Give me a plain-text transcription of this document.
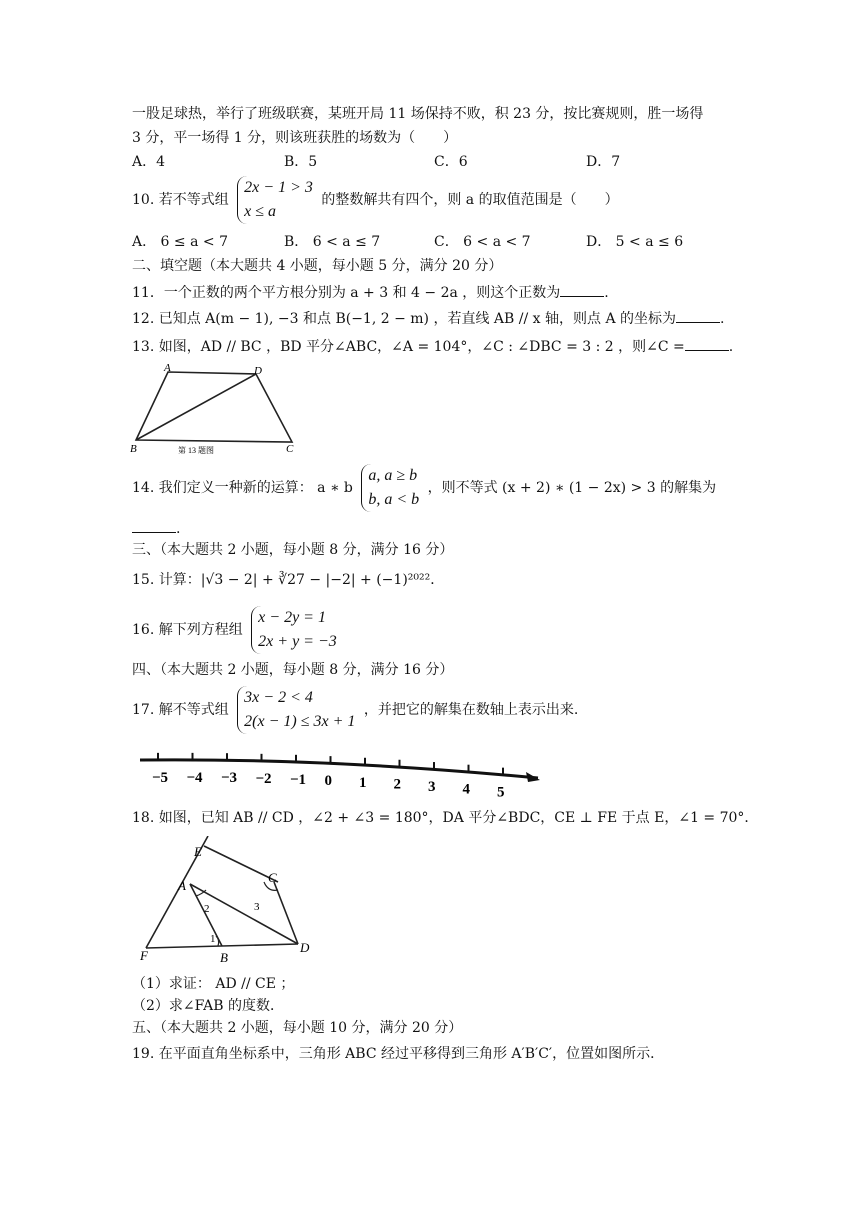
一股足球热，举行了班级联赛，某班开局 11 场保持不败，积 23 分，按比赛规则，胜一场得
3 分，平一场得 1 分，则该班获胜的场数为（　　）
A．4	B．5	C．6	D．7
10. 若不等式组
2x − 1 > 3
x ≤ a
的整数解共有四个，则 a 的取值范围是（　　）
A． 6 ≤ a < 7	B． 6 < a ≤ 7	C． 6 < a < 7	D． 5 < a ≤ 6
二、填空题（本大题共 4 小题，每小题 5 分，满分 20 分）
11．一个正数的两个平方根分别为 a + 3 和 4 − 2a ，则这个正数为	.
12. 已知点 A(m − 1), −3 和点 B(−1, 2 − m) ，若直线 AB // x 轴，则点 A 的坐标为	.
13. 如图，AD // BC ，BD 平分∠ABC，∠A = 104°，∠C : ∠DBC = 3 : 2 ，则∠C =	.
A	D
B	C
第 13 题图
14. 我们定义一种新的运算： a ∗ b
a, a ≥ b
b, a < b
，则不等式 (x + 2) ∗ (1 − 2x) > 3 的解集为
.
三、（本大题共 2 小题，每小题 8 分，满分 16 分）
15. 计算：|√3 − 2| + ∛27 − |−2| + (−1)²⁰²²．
16. 解下列方程组
x − 2y = 1
2x + y = −3
四、（本大题共 2 小题，每小题 8 分，满分 16 分）
17. 解不等式组
3x − 2 < 4
2(x − 1) ≤ 3x + 1
，并把它的解集在数轴上表示出来.
−5 −4 −3 −2 −1 0 1 2 3 4 5
18. 如图，已知 AB // CD ，∠2 + ∠3 = 180°，DA 平分∠BDC，CE ⊥ FE 于点 E，∠1 = 70°．
E
A
C
F	B
D
1
2	3
（1）求证： AD // CE ；
（2）求∠FAB 的度数．
五、（本大题共 2 小题，每小题 10 分，满分 20 分）
19. 在平面直角坐标系中，三角形 ABC 经过平移得到三角形 A′B′C′，位置如图所示．
